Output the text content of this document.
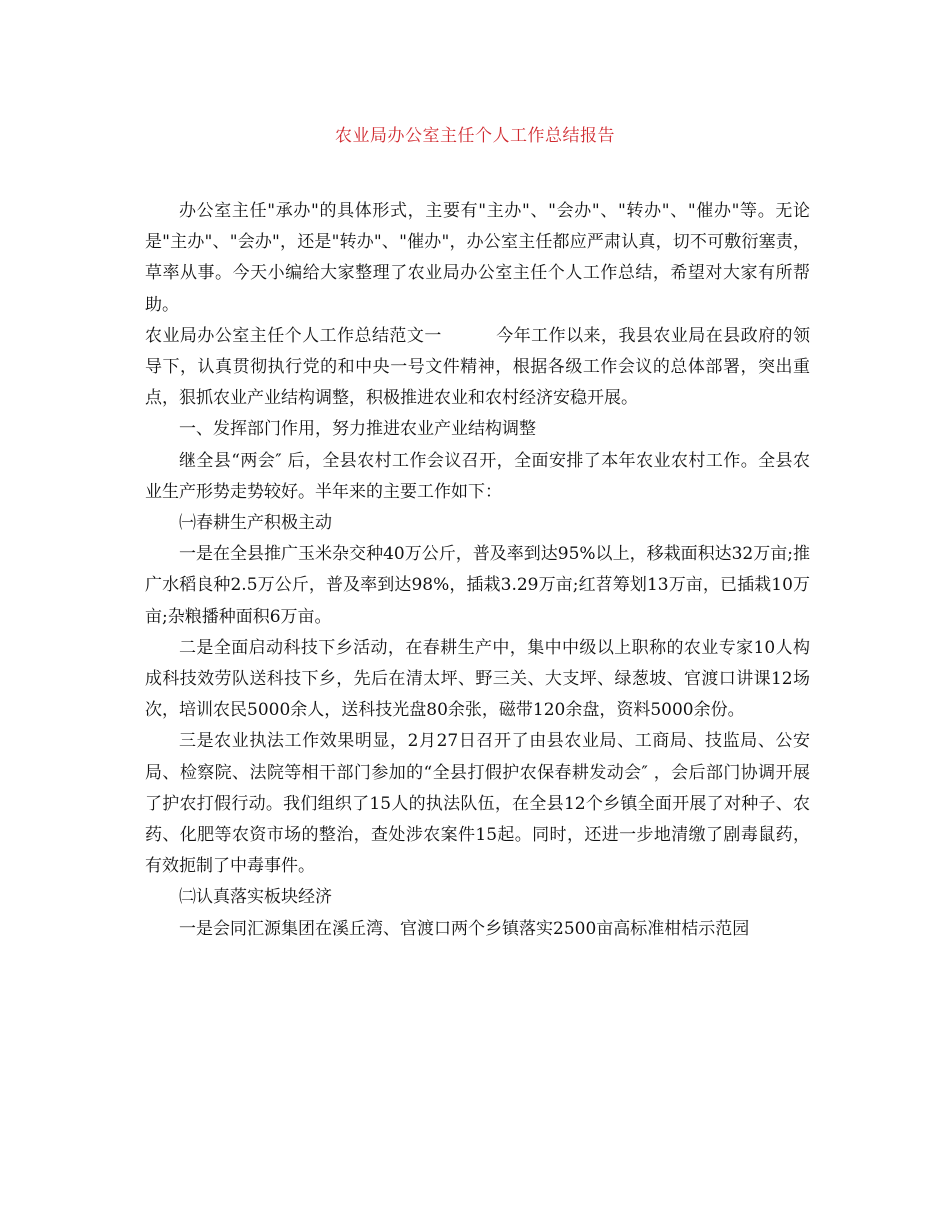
农业局办公室主任个人工作总结报告

办公室主任"承办"的具体形式，主要有"主办"、"会办"、"转办"、"催办"等。无论是"主办"、"会办"，还是"转办"、"催办"，办公室主任都应严肃认真，切不可敷衍塞责，草率从事。今天小编给大家整理了农业局办公室主任个人工作总结，希望对大家有所帮助。

农业局办公室主任个人工作总结范文一	今年工作以来，我县农业局在县政府的领导下，认真贯彻执行党的和中央一号文件精神，根据各级工作会议的总体部署，突出重点，狠抓农业产业结构调整，积极推进农业和农村经济安稳开展。

一、发挥部门作用，努力推进农业产业结构调整

继全县“两会″ 后，全县农村工作会议召开，全面安排了本年农业农村工作。全县农业生产形势走势较好。半年来的主要工作如下：

㈠春耕生产积极主动

一是在全县推广玉米杂交种40万公斤，普及率到达95%以上，移栽面积达32万亩;推广水稻良种2.5万公斤，普及率到达98%，插栽3.29万亩;红苕筹划13万亩，已插栽10万亩;杂粮播种面积6万亩。

二是全面启动科技下乡活动，在春耕生产中，集中中级以上职称的农业专家10人构成科技效劳队送科技下乡，先后在清太坪、野三关、大支坪、绿葱坡、官渡口讲课12场次，培训农民5000余人，送科技光盘80余张，磁带120余盘，资料5000余份。

三是农业执法工作效果明显，2月27日召开了由县农业局、工商局、技监局、公安局、检察院、法院等相干部门参加的“全县打假护农保春耕发动会″ ，会后部门协调开展了护农打假行动。我们组织了15人的执法队伍，在全县12个乡镇全面开展了对种子、农药、化肥等农资市场的整治，查处涉农案件15起。同时，还进一步地清缴了剧毒鼠药，有效扼制了中毒事件。

㈡认真落实板块经济

一是会同汇源集团在溪丘湾、官渡口两个乡镇落实2500亩高标准柑桔示范园
